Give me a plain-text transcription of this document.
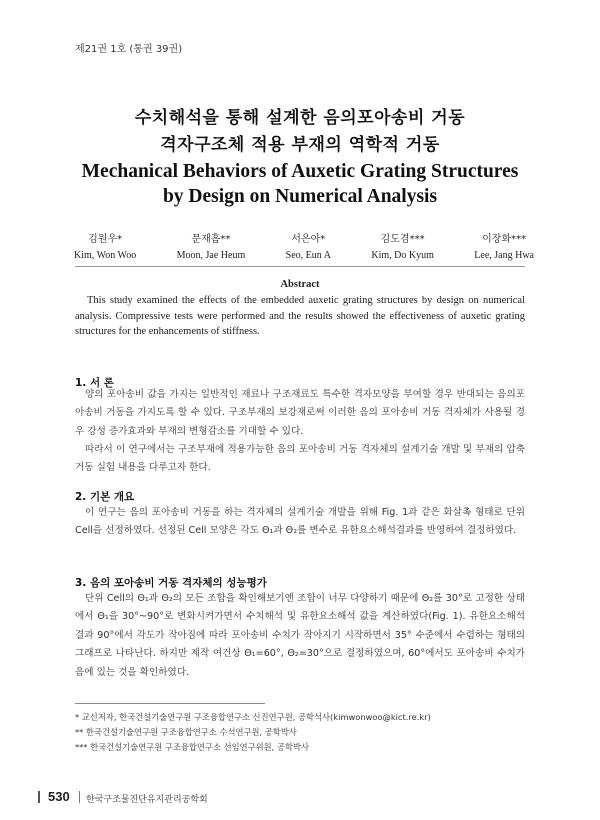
제21권 1호 (통권 39권)
수치해석을 통해 설계한 음의포아송비 거동
격자구조체 적용 부재의 역학적 거동
Mechanical Behaviors of Auxetic Grating Structures
by Design on Numerical Analysis
김원우*
Kim, Won Woo
문재흠**
Moon, Jae Heum
서은아*
Seo, Eun A
김도겸***
Kim, Do Kyum
이장화***
Lee, Jang Hwa
Abstract
This study examined the effects of the embedded auxetic grating structures by design on numerical analysis. Compressive tests were performed and the results showed the effectiveness of auxetic grating structures for the enhancements of stiffness.
1. 서 론
양의 포아송비 값을 가지는 일반적인 재료나 구조재료도 특수한 격자모양을 부여할 경우 반대되는 음의포아송비 거동을 가지도록 할 수 있다. 구조부재의 보강재로써 이러한 음의 포아송비 거동 격자체가 사용될 경우 강성 증가효과와 부재의 변형감소를 기대할 수 있다.
따라서 이 연구에서는 구조부재에 적용가능한 음의 포아송비 거동 격자체의 설계기술 개발 및 부재의 압축거동 실험 내용을 다루고자 한다.
2. 기본 개요
이 연구는 음의 포아송비 거동을 하는 격자체의 설계기술 개발을 위해 Fig. 1과 같은 화살촉 형태로 단위 Cell을 선정하였다. 선정된 Cell 모양은 각도 Θ₁과 Θ₂를 변수로 유한요소해석결과를 반영하여 결정하였다.
3. 음의 포아송비 거동 격자체의 성능평가
단위 Cell의 Θ₁과 Θ₂의 모든 조합을 확인해보기엔 조합이 너무 다양하기 때문에 Θ₂를 30°로 고정한 상태에서 Θ₁을 30°~90°로 변화시켜가면서 수치해석 및 유한요소해석 값을 계산하였다(Fig. 1). 유한요소해석 결과 90°에서 각도가 작아짐에 따라 포아송비 수치가 작아지기 시작하면서 35° 수준에서 수렴하는 형태의 그래프로 나타난다. 하지만 제작 여건상 Θ₁=60°, Θ₂=30°으로 결정하였으며, 60°에서도 포아송비 수치가 음에 있는 것을 확인하였다.
* 교신저자, 한국건설기술연구원 구조융합연구소 신진연구원, 공학석사(kimwonwoo@kict.re.kr)
** 한국건설기술연구원 구조융합연구소 수석연구원, 공학박사
*** 한국건설기술연구원 구조융합연구소 선임연구위원, 공학박사
530 한국구조물진단유지관리공학회
